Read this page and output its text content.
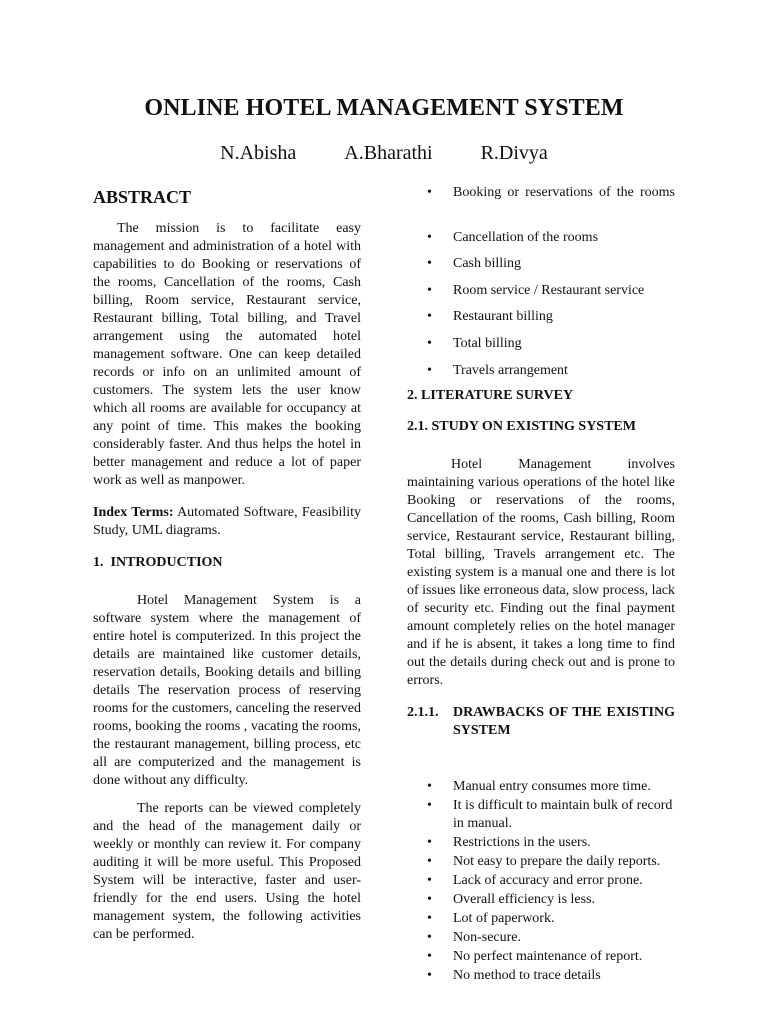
ONLINE HOTEL MANAGEMENT SYSTEM
N.Abisha A.Bharathi R.Divya
ABSTRACT

The mission is to facilitate easy management and administration of a hotel with capabilities to do Booking or reservations of the rooms, Cancellation of the rooms, Cash billing, Room service, Restaurant service, Restaurant billing, Total billing, and Travel arrangement using the automated hotel management software. One can keep detailed records or info on an unlimited amount of customers. The system lets the user know which all rooms are available for occupancy at any point of time. This makes the booking considerably faster. And thus helps the hotel in better management and reduce a lot of paper work as well as manpower.

Index Terms: Automated Software, Feasibility Study, UML diagrams.

1.  INTRODUCTION

Hotel Management System is a software system where the management of entire hotel is computerized. In this project the details are maintained like customer details, reservation details, Booking details and billing details The reservation process of reserving rooms for the customers, canceling the reserved rooms, booking the rooms , vacating the rooms, the restaurant management, billing process, etc all are computerized and the management is done without any difficulty.

The reports can be viewed completely and the head of the management daily or weekly or monthly can review it. For company auditing it will be more useful. This Proposed System will be interactive, faster and user-friendly for the end users. Using the hotel management system, the following activities can be performed.

• Booking or reservations of the rooms
• Cancellation of the rooms
• Cash billing
• Room service / Restaurant service
• Restaurant billing
• Total billing
• Travels arrangement
2. LITERATURE SURVEY
2.1. STUDY ON EXISTING SYSTEM

Hotel Management involves maintaining various operations of the hotel like Booking or reservations of the rooms, Cancellation of the rooms, Cash billing, Room service, Restaurant service, Restaurant billing, Total billing, Travels arrangement etc. The existing system is a manual one and there is lot of issues like erroneous data, slow process, lack of security etc. Finding out the final payment amount completely relies on the hotel manager and if he is absent, it takes a long time to find out the details during check out and is prone to errors.

2.1.1.	DRAWBACKS OF THE EXISTING SYSTEM
• Manual entry consumes more time.
• It is difficult to maintain bulk of record in manual.
• Restrictions in the users.
• Not easy to prepare the daily reports.
• Lack of accuracy and error prone.
• Overall efficiency is less.
• Lot of paperwork.
• Non-secure.
• No perfect maintenance of report.
• No method to trace details
